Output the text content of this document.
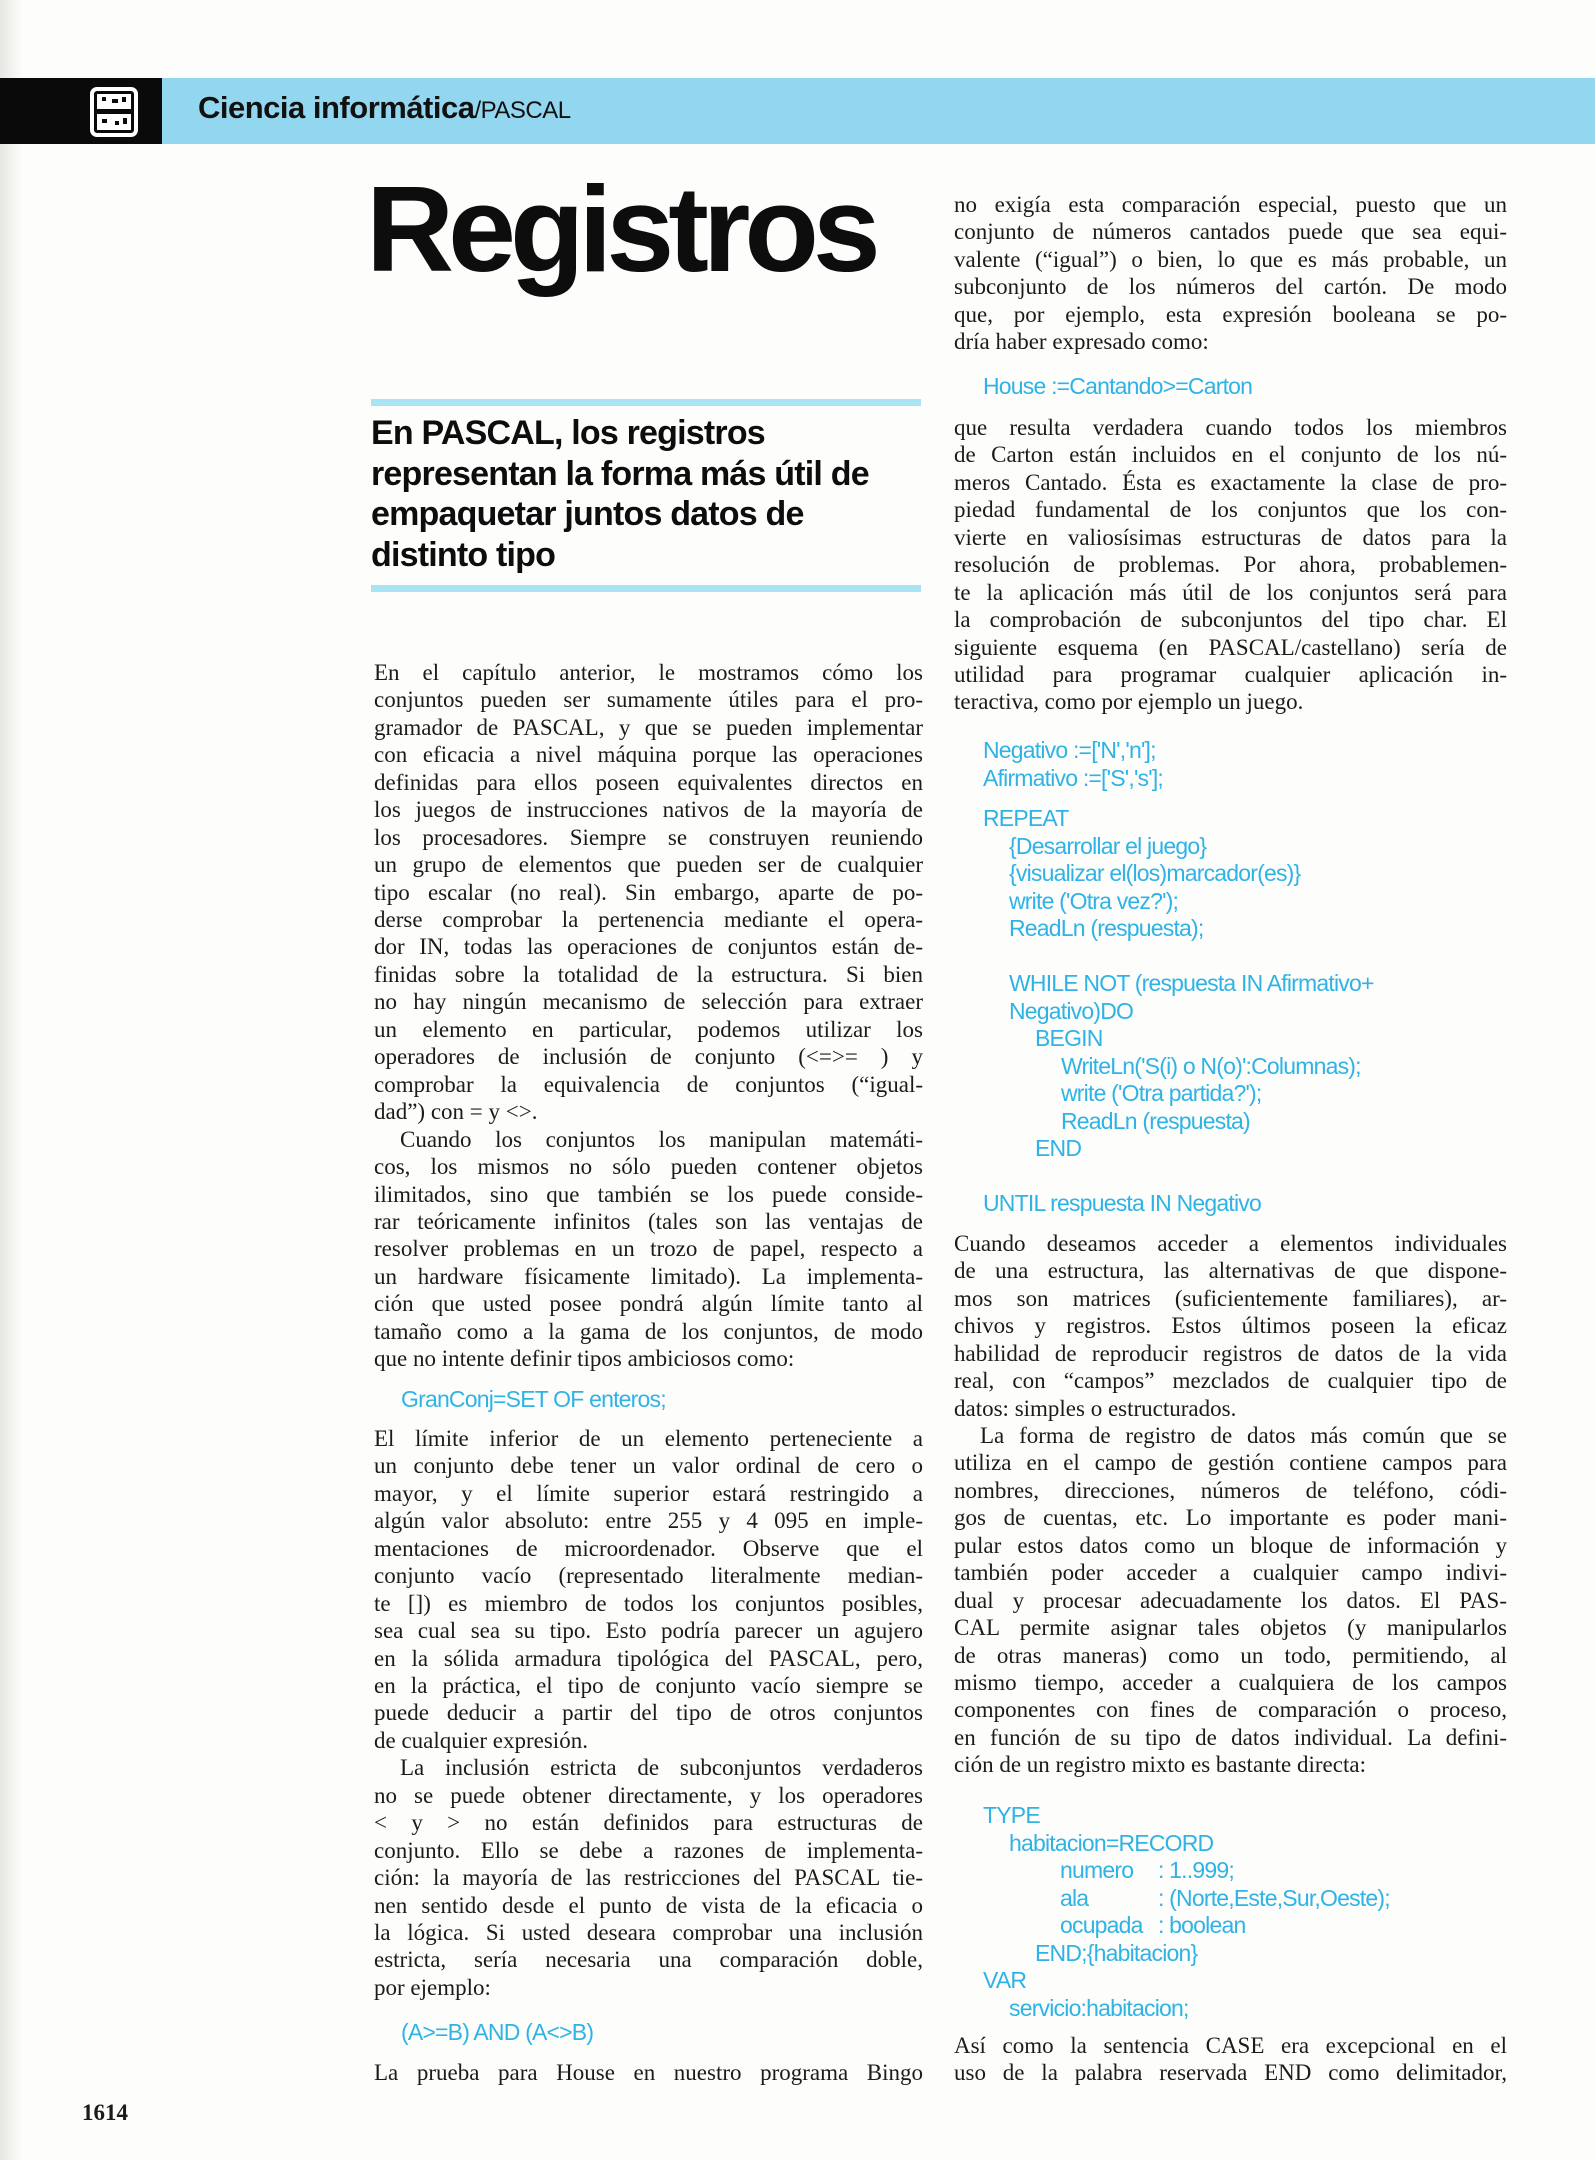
Ciencia informática/PASCAL
Registros
En PASCAL, los registros
representan la forma más útil de
empaquetar juntos datos de
distinto tipo
En el capítulo anterior, le mostramos cómo los
conjuntos pueden ser sumamente útiles para el pro-
gramador de PASCAL, y que se pueden implementar
con eficacia a nivel máquina porque las operaciones
definidas para ellos poseen equivalentes directos en
los juegos de instrucciones nativos de la mayoría de
los procesadores. Siempre se construyen reuniendo
un grupo de elementos que pueden ser de cualquier
tipo escalar (no real). Sin embargo, aparte de po-
derse comprobar la pertenencia mediante el opera-
dor IN, todas las operaciones de conjuntos están de-
finidas sobre la totalidad de la estructura. Si bien
no hay ningún mecanismo de selección para extraer
un elemento en particular, podemos utilizar los
operadores de inclusión de conjunto (<=>= ) y
comprobar la equivalencia de conjuntos (“igual-
dad”) con = y <>.
Cuando los conjuntos los manipulan matemáti-
cos, los mismos no sólo pueden contener objetos
ilimitados, sino que también se los puede conside-
rar teóricamente infinitos (tales son las ventajas de
resolver problemas en un trozo de papel, respecto a
un hardware físicamente limitado). La implementa-
ción que usted posee pondrá algún límite tanto al
tamaño como a la gama de los conjuntos, de modo
que no intente definir tipos ambiciosos como:
GranConj=SET OF enteros;
El límite inferior de un elemento perteneciente a
un conjunto debe tener un valor ordinal de cero o
mayor, y el límite superior estará restringido a
algún valor absoluto: entre 255 y 4 095 en imple-
mentaciones de microordenador. Observe que el
conjunto vacío (representado literalmente median-
te []) es miembro de todos los conjuntos posibles,
sea cual sea su tipo. Esto podría parecer un agujero
en la sólida armadura tipológica del PASCAL, pero,
en la práctica, el tipo de conjunto vacío siempre se
puede deducir a partir del tipo de otros conjuntos
de cualquier expresión.
La inclusión estricta de subconjuntos verdaderos
no se puede obtener directamente, y los operadores
< y > no están definidos para estructuras de
conjunto. Ello se debe a razones de implementa-
ción: la mayoría de las restricciones del PASCAL tie-
nen sentido desde el punto de vista de la eficacia o
la lógica. Si usted deseara comprobar una inclusión
estricta, sería necesaria una comparación doble,
por ejemplo:
(A>=B) AND (A<>B)
La prueba para House en nuestro programa Bingo
no exigía esta comparación especial, puesto que un
conjunto de números cantados puede que sea equi-
valente (“igual”) o bien, lo que es más probable, un
subconjunto de los números del cartón. De modo
que, por ejemplo, esta expresión booleana se po-
dría haber expresado como:
House :=Cantando>=Carton
que resulta verdadera cuando todos los miembros
de Carton están incluidos en el conjunto de los nú-
meros Cantado. Ésta es exactamente la clase de pro-
piedad fundamental de los conjuntos que los con-
vierte en valiosísimas estructuras de datos para la
resolución de problemas. Por ahora, probablemen-
te la aplicación más útil de los conjuntos será para
la comprobación de subconjuntos del tipo char. El
siguiente esquema (en PASCAL/castellano) sería de
utilidad para programar cualquier aplicación in-
teractiva, como por ejemplo un juego.
Negativo :=['N','n'];
Afirmativo :=['S','s'];
REPEAT
{Desarrollar el juego}
{visualizar el(los)marcador(es)}
write ('Otra vez?');
ReadLn (respuesta);
WHILE NOT (respuesta IN Afirmativo+
Negativo)DO
BEGIN
WriteLn('S(i) o N(o)':Columnas);
write ('Otra partida?');
ReadLn (respuesta)
END
UNTIL respuesta IN Negativo
Cuando deseamos acceder a elementos individuales
de una estructura, las alternativas de que dispone-
mos son matrices (suficientemente familiares), ar-
chivos y registros. Estos últimos poseen la eficaz
habilidad de reproducir registros de datos de la vida
real, con “campos” mezclados de cualquier tipo de
datos: simples o estructurados.
La forma de registro de datos más común que se
utiliza en el campo de gestión contiene campos para
nombres, direcciones, números de teléfono, códi-
gos de cuentas, etc. Lo importante es poder mani-
pular estos datos como un bloque de información y
también poder acceder a cualquier campo indivi-
dual y procesar adecuadamente los datos. El PAS-
CAL permite asignar tales objetos (y manipularlos
de otras maneras) como un todo, permitiendo, al
mismo tiempo, acceder a cualquiera de los campos
componentes con fines de comparación o proceso,
en función de su tipo de datos individual. La defini-
ción de un registro mixto es bastante directa:
TYPE
habitacion=RECORD
numero : 1..999;
ala	: (Norte,Este,Sur,Oeste);
ocupada : boolean
END;{habitacion}
VAR
servicio:habitacion;
Así como la sentencia CASE era excepcional en el
uso de la palabra reservada END como delimitador,
1614
